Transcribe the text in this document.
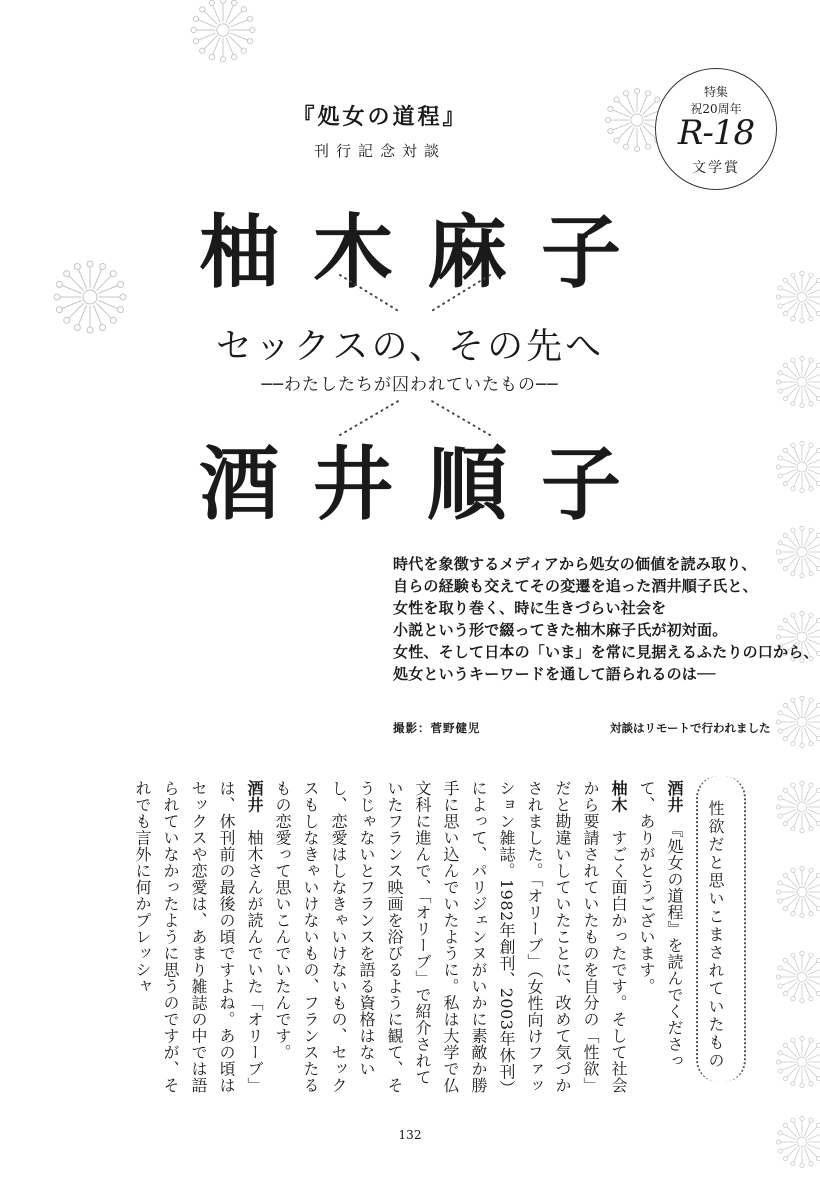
特集
祝20周年
R-18
文学賞
『処女の道程』
刊行記念対談
柚木麻子
セックスの、その先へ
──わたしたちが囚われていたもの──
酒井順子

時代を象徴するメディアから処女の価値を読み取り、

自らの経験も交えてその変遷を追った酒井順子氏と、

女性を取り巻く、時に生きづらい社会を

小説という形で綴ってきた柚木麻子氏が初対面。

女性、そして日本の「いま」を常に見据えるふたりの口から、

処女というキーワードを通して語られるのは──

撮影：菅野健児	対談はリモートで行われました
性欲だと思いこまされていたもの

酒井　『処女の道程』を読んでくださって、ありがとうございます。

柚木　すごく面白かったです。そして社会から要請されていたものを自分の「性欲」だと勘違いしていたことに、改めて気づかされました。「オリーブ」（女性向けファッション雑誌。1982年創刊、2003年休刊）によって、パリジェンヌがいかに素敵か勝手に思い込んでいたように。私は大学で仏文科に進んで、「オリーブ」で紹介されていたフランス映画を浴びるように観て、そうじゃないとフランスを語る資格はないし、恋愛はしなきゃいけないもの、セックスもしなきゃいけないもの、フランスたるもの恋愛って思いこんでいたんです。

酒井　柚木さんが読んでいた「オリーブ」は、休刊前の最後の頃ですよね。あの頃はセックスや恋愛は、あまり雑誌の中では語られていなかったように思うのですが、それでも言外に何かプレッシャ

132
